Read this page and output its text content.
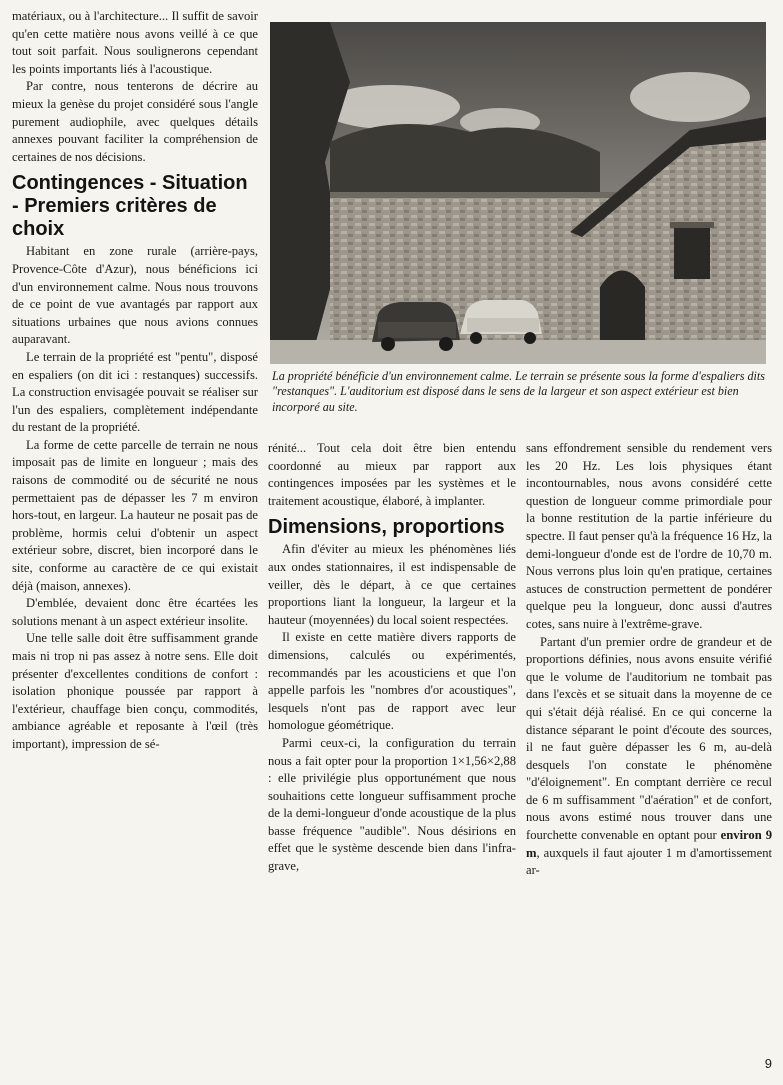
matériaux, ou à l'architecture... Il suffit de savoir qu'en cette matière nous avons veillé à ce que tout soit parfait. Nous soulignerons cependant les points importants liés à l'acoustique.

Par contre, nous tenterons de décrire au mieux la genèse du projet considéré sous l'angle purement audiophile, avec quelques détails annexes pouvant faciliter la compréhension de certaines de nos décisions.

Contingences - Situation - Premiers critères de choix

Habitant en zone rurale (arrière-pays, Provence-Côte d'Azur), nous bénéficions ici d'un environnement calme. Nous nous trouvons de ce point de vue avantagés par rapport aux situations urbaines que nous avions connues auparavant.

Le terrain de la propriété est "pentu", disposé en espaliers (on dit ici : restanques) successifs. La construction envisagée pouvait se réaliser sur l'un des espaliers, complètement indépendante du restant de la propriété.

La forme de cette parcelle de terrain ne nous imposait pas de limite en longueur ; mais des raisons de commodité ou de sécurité ne nous permettaient pas de dépasser les 7 m environ hors-tout, en largeur. La hauteur ne posait pas de problème, hormis celui d'obtenir un aspect extérieur sobre, discret, bien incorporé dans le site, conforme au caractère de ce qui existait déjà (maison, annexes).

D'emblée, devaient donc être écartées les solutions menant à un aspect extérieur insolite.

Une telle salle doit être suffisamment grande mais ni trop ni pas assez à notre sens. Elle doit présenter d'excellentes conditions de confort : isolation phonique poussée par rapport à l'extérieur, chauffage bien conçu, commodités, ambiance agréable et reposante à l'œil (très important), impression de sé-

La propriété bénéficie d'un environnement calme. Le terrain se présente sous la forme d'espaliers dits "restanques". L'auditorium est disposé dans le sens de la largeur et son aspect extérieur est bien incorporé au site.

rénité... Tout cela doit être bien entendu coordonné au mieux par rapport aux contingences imposées par les systèmes et le traitement acoustique, élaboré, à implanter.

Dimensions, proportions

Afin d'éviter au mieux les phénomènes liés aux ondes stationnaires, il est indispensable de veiller, dès le départ, à ce que certaines proportions liant la longueur, la largeur et la hauteur (moyennées) du local soient respectées.

Il existe en cette matière divers rapports de dimensions, calculés ou expérimentés, recommandés par les acousticiens et que l'on appelle parfois les "nombres d'or acoustiques", lesquels n'ont pas de rapport avec leur homologue géométrique.

Parmi ceux-ci, la configuration du terrain nous a fait opter pour la proportion 1×1,56×2,88 : elle privilégie plus opportunément que nous souhaitions cette longueur suffisamment proche de la demi-longueur d'onde acoustique de la plus basse fréquence "audible". Nous désirions en effet que le système descende bien dans l'infra-grave,

sans effondrement sensible du rendement vers les 20 Hz. Les lois physiques étant incontournables, nous avons considéré cette question de longueur comme primordiale pour la bonne restitution de la partie inférieure du spectre. Il faut penser qu'à la fréquence 16 Hz, la demi-longueur d'onde est de l'ordre de 10,70 m. Nous verrons plus loin qu'en pratique, certaines astuces de construction permettent de pondérer quelque peu la longueur, donc aussi d'autres cotes, sans nuire à l'extrême-grave.

Partant d'un premier ordre de grandeur et de proportions définies, nous avons ensuite vérifié que le volume de l'auditorium ne tombait pas dans l'excès et se situait dans la moyenne de ce qui s'était déjà réalisé. En ce qui concerne la distance séparant le point d'écoute des sources, il ne faut guère dépasser les 6 m, au-delà desquels l'on constate le phénomène "d'éloignement". En comptant derrière ce recul de 6 m suffisamment "d'aération" et de confort, nous avons estimé nous trouver dans une fourchette convenable en optant pour environ 9 m, auxquels il faut ajouter 1 m d'amortissement ar-

9
